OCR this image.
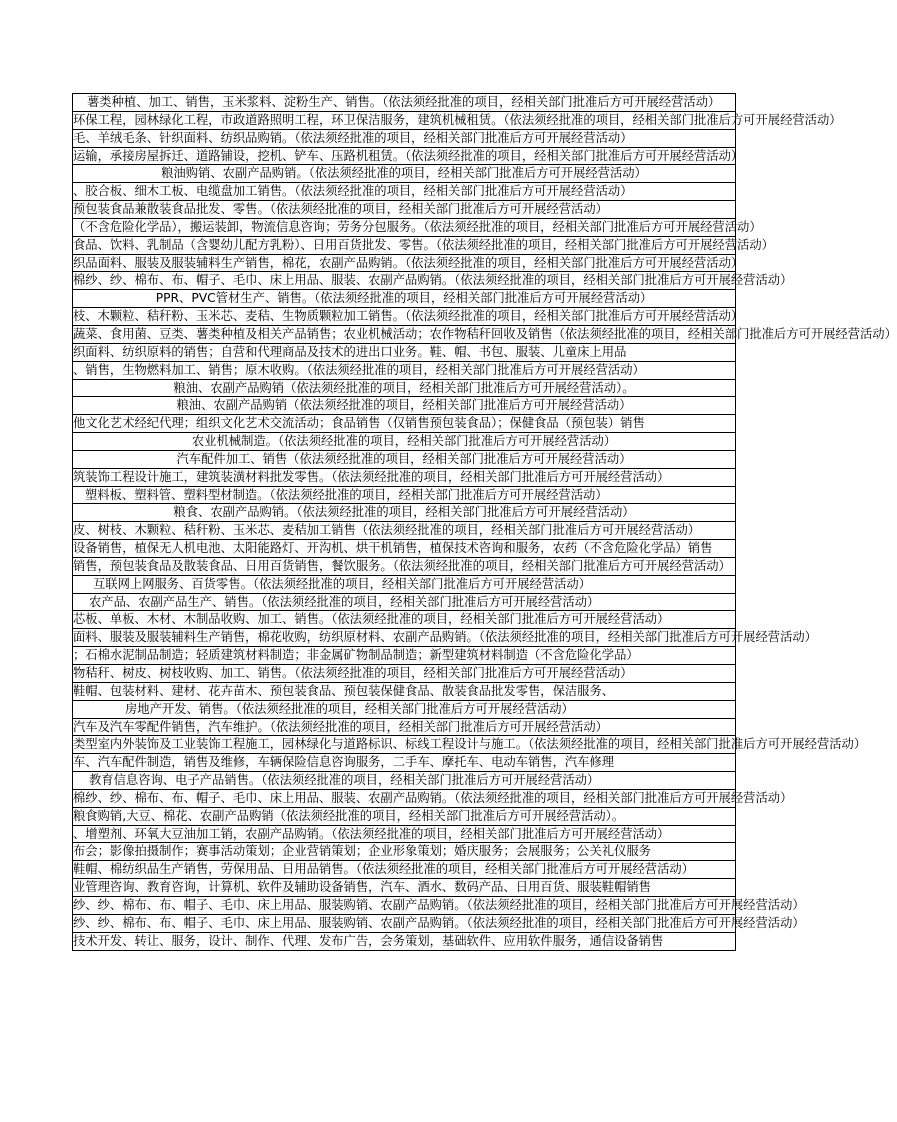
薯类种植、加工、销售，玉米浆料、淀粉生产、销售。（依法须经批准的项目，经相关部门批准后方可开展经营活动）
环保工程，园林绿化工程，市政道路照明工程，环卫保洁服务，建筑机械租赁。（依法须经批准的项目，经相关部门批准后方可开展经营活动）
毛、羊绒毛条、针织面料、纺织品购销。（依法须经批准的项目，经相关部门批准后方可开展经营活动）
运输，承接房屋拆迁、道路铺设，挖机、铲车、压路机租赁。（依法须经批准的项目，经相关部门批准后方可开展经营活动）
粮油购销、农副产品购销。（依法须经批准的项目，经相关部门批准后方可开展经营活动）
、胶合板、细木工板、电缆盘加工销售。（依法须经批准的项目，经相关部门批准后方可开展经营活动）
预包装食品兼散装食品批发、零售。（依法须经批准的项目，经相关部门批准后方可开展经营活动）
（不含危险化学品），搬运装卸，物流信息咨询；劳务分包服务。（依法须经批准的项目，经相关部门批准后方可开展经营活动）
食品、饮料、乳制品（含婴幼儿配方乳粉）、日用百货批发、零售。（依法须经批准的项目，经相关部门批准后方可开展经营活动）
织品面料、服装及服装辅料生产销售，棉花，农副产品购销。（依法须经批准的项目，经相关部门批准后方可开展经营活动）
棉纱、纱、棉布、布、帽子、毛巾、床上用品、服装、农副产品购销。（依法须经批准的项目，经相关部门批准后方可开展经营活动）
PPR、PVC管材生产、销售。（依法须经批准的项目，经相关部门批准后方可开展经营活动）
枝、木颗粒、秸秆粉、玉米芯、麦秸、生物质颗粒加工销售。（依法须经批准的项目，经相关部门批准后方可开展经营活动）
蔬菜、食用菌、豆类、薯类种植及相关产品销售；农业机械活动；农作物秸秆回收及销售（依法须经批准的项目，经相关部门批准后方可开展经营活动）
织面料、纺织原料的销售；自营和代理商品及技术的进出口业务。鞋、帽、书包、服装、儿童床上用品
、销售，生物燃料加工、销售；原木收购。（依法须经批准的项目，经相关部门批准后方可开展经营活动）
粮油、农副产品购销（依法须经批准的项目，经相关部门批准后方可开展经营活动）。
粮油、农副产品购销（依法须经批准的项目，经相关部门批准后方可开展经营活动）
他文化艺术经纪代理；组织文化艺术交流活动；食品销售（仅销售预包装食品）；保健食品（预包装）销售
农业机械制造。（依法须经批准的项目，经相关部门批准后方可开展经营活动）
汽车配件加工、销售（依法须经批准的项目，经相关部门批准后方可开展经营活动）
筑装饰工程设计施工，建筑装潢材料批发零售。（依法须经批准的项目，经相关部门批准后方可开展经营活动）
塑料板、塑料管、塑料型材制造。（依法须经批准的项目，经相关部门批准后方可开展经营活动）
粮食、农副产品购销。（依法须经批准的项目，经相关部门批准后方可开展经营活动）
皮、树枝、木颗粒、秸秆粉、玉米芯、麦秸加工销售（依法须经批准的项目，经相关部门批准后方可开展经营活动）
设备销售，植保无人机电池、太阳能路灯、开沟机、烘干机销售，植保技术咨询和服务，农药（不含危险化学品）销售
销售，预包装食品及散装食品、日用百货销售，餐饮服务。（依法须经批准的项目，经相关部门批准后方可开展经营活动）
互联网上网服务、百货零售。（依法须经批准的项目，经相关部门批准后方可开展经营活动）
农产品、农副产品生产、销售。（依法须经批准的项目，经相关部门批准后方可开展经营活动）
芯板、单板、木材、木制品收购、加工、销售。（依法须经批准的项目，经相关部门批准后方可开展经营活动）
面料、服装及服装辅料生产销售，棉花收购，纺织原材料、农副产品购销。（依法须经批准的项目，经相关部门批准后方可开展经营活动）
；石棉水泥制品制造；轻质建筑材料制造；非金属矿物制品制造；新型建筑材料制造（不含危险化学品）
物秸秆、树皮、树枝收购、加工、销售。（依法须经批准的项目，经相关部门批准后方可开展经营活动）
鞋帽、包装材料、建材、花卉苗木、预包装食品、预包装保健食品、散装食品批发零售，保洁服务、
房地产开发、销售。（依法须经批准的项目，经相关部门批准后方可开展经营活动）
汽车及汽车零配件销售，汽车维护。（依法须经批准的项目，经相关部门批准后方可开展经营活动）
类型室内外装饰及工业装饰工程施工，园林绿化与道路标识、标线工程设计与施工。（依法须经批准的项目，经相关部门批准后方可开展经营活动）
车、汽车配件制造，销售及维修，车辆保险信息咨询服务，二手车、摩托车、电动车销售，汽车修理
教育信息咨询、电子产品销售。（依法须经批准的项目，经相关部门批准后方可开展经营活动）
棉纱、纱、棉布、布、帽子、毛巾、床上用品、服装、农副产品购销。（依法须经批准的项目，经相关部门批准后方可开展经营活动）
粮食购销,大豆、棉花、农副产品购销（依法须经批准的项目，经相关部门批准后方可开展经营活动）。
、增塑剂、环氧大豆油加工销，农副产品购销。（依法须经批准的项目，经相关部门批准后方可开展经营活动）
布会；影像拍摄制作；赛事活动策划；企业营销策划；企业形象策划；婚庆服务；会展服务；公关礼仪服务
鞋帽、棉纺织品生产销售，劳保用品、日用品销售。（依法须经批准的项目，经相关部门批准后方可开展经营活动）
业管理咨询、教育咨询，计算机、软件及辅助设备销售，汽车、酒水、数码产品、日用百货、服装鞋帽销售
纱、纱、棉布、布、帽子、毛巾、床上用品、服装购销、农副产品购销。（依法须经批准的项目，经相关部门批准后方可开展经营活动）
纱、纱、棉布、布、帽子、毛巾、床上用品、服装购销、农副产品购销。（依法须经批准的项目，经相关部门批准后方可开展经营活动）
技术开发、转让、服务，设计、制作、代理、发布广告，会务策划，基础软件、应用软件服务，通信设备销售
